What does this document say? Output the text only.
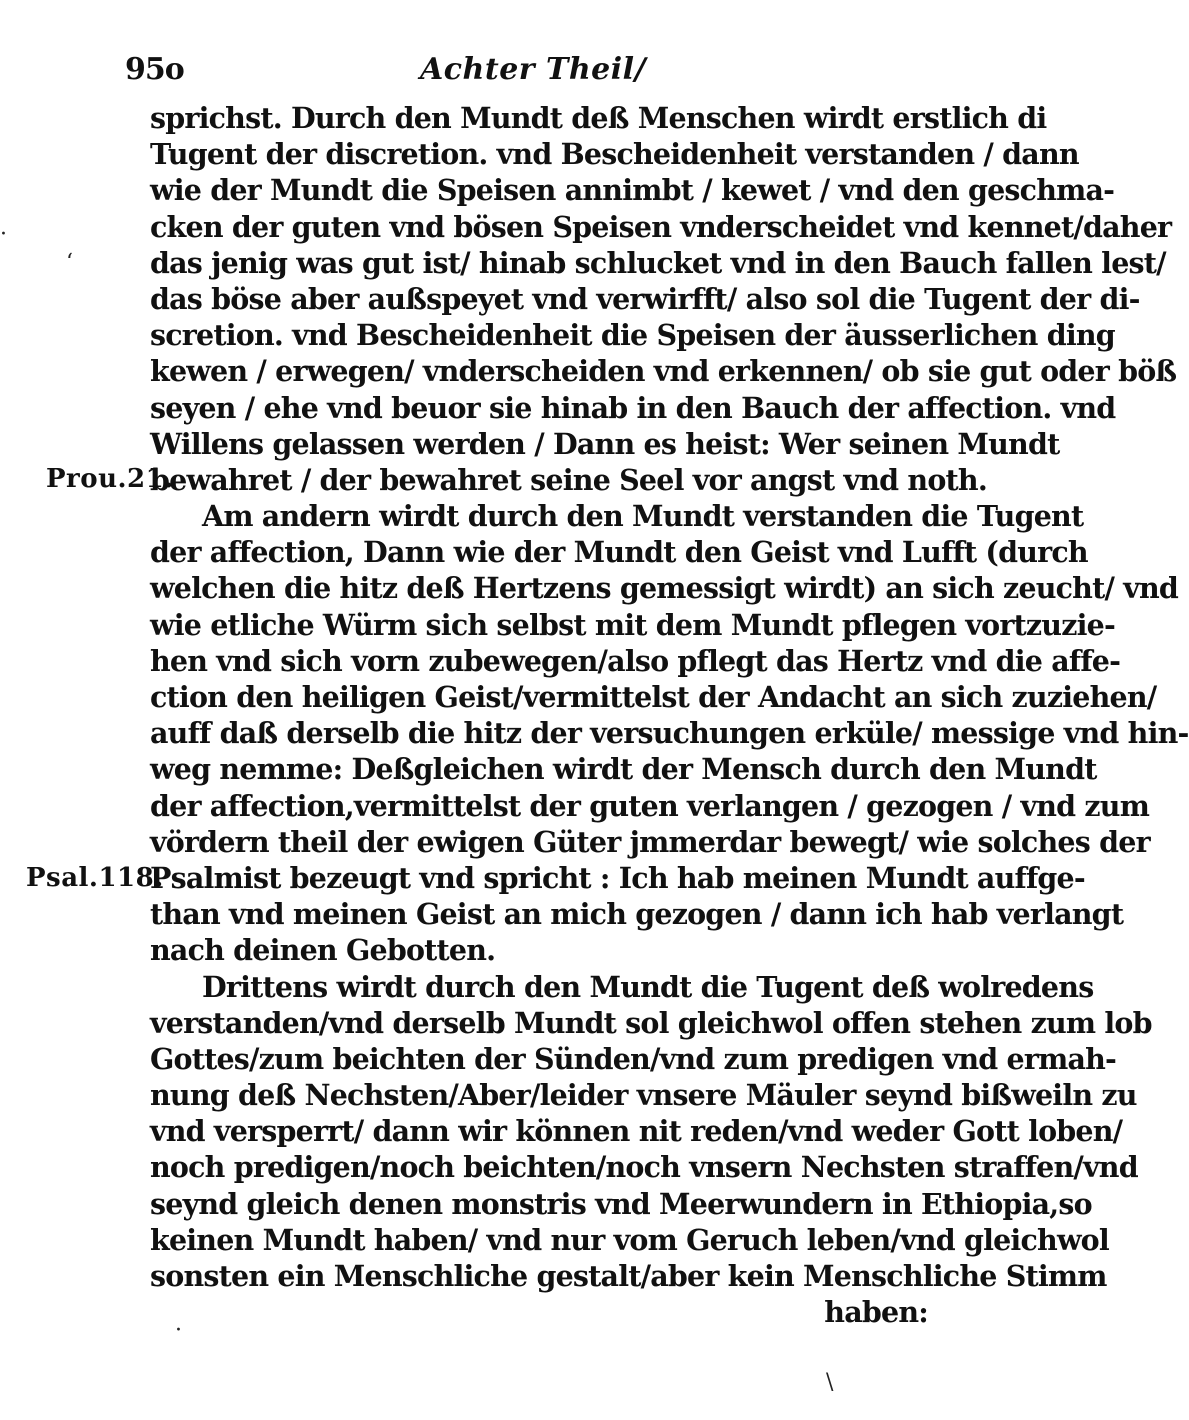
95o	Achter Theil/
sprichst. Durch den Mundt deß Menschen wirdt erstlich di
Tugent der discretion. vnd Bescheidenheit verstanden / dann
wie der Mundt die Speisen annimbt / kewet / vnd den geschma-
cken der guten vnd bösen Speisen vnderscheidet vnd kennet/daher
das jenig was gut ist/ hinab schlucket vnd in den Bauch fallen lest/
das böse aber außspeyet vnd verwirfft/ also sol die Tugent der di-
scretion. vnd Bescheidenheit die Speisen der äusserlichen ding
kewen / erwegen/ vnderscheiden vnd erkennen/ ob sie gut oder böß
seyen / ehe vnd beuor sie hinab in den Bauch der affection. vnd
Willens gelassen werden / Dann es heist: Wer seinen Mundt
bewahret / der bewahret seine Seel vor angst vnd noth.
Am andern wirdt durch den Mundt verstanden die Tugent
der affection, Dann wie der Mundt den Geist vnd Lufft (durch
welchen die hitz deß Hertzens gemessigt wirdt) an sich zeucht/ vnd
wie etliche Würm sich selbst mit dem Mundt pflegen vortzuzie-
hen vnd sich vorn zubewegen/also pflegt das Hertz vnd die affe-
ction den heiligen Geist/vermittelst der Andacht an sich zuziehen/
auff daß derselb die hitz der versuchungen erküle/ messige vnd hin-
weg nemme: Deßgleichen wirdt der Mensch durch den Mundt
der affection,vermittelst der guten verlangen / gezogen / vnd zum
vördern theil der ewigen Güter jmmerdar bewegt/ wie solches der
Psalmist bezeugt vnd spricht : Ich hab meinen Mundt auffge-
than vnd meinen Geist an mich gezogen / dann ich hab verlangt
nach deinen Gebotten.
Drittens wirdt durch den Mundt die Tugent deß wolredens
verstanden/vnd derselb Mundt sol gleichwol offen stehen zum lob
Gottes/zum beichten der Sünden/vnd zum predigen vnd ermah-
nung deß Nechsten/Aber/leider vnsere Mäuler seynd bißweiln zu
vnd versperrt/ dann wir können nit reden/vnd weder Gott loben/
noch predigen/noch beichten/noch vnsern Nechsten straffen/vnd
seynd gleich denen monstris vnd Meerwundern in Ethiopia,so
keinen Mundt haben/ vnd nur vom Geruch leben/vnd gleichwol
sonsten ein Menschliche gestalt/aber kein Menschliche Stimm
haben:
Prou.21.
Psal.118.
·
‘
·
\
